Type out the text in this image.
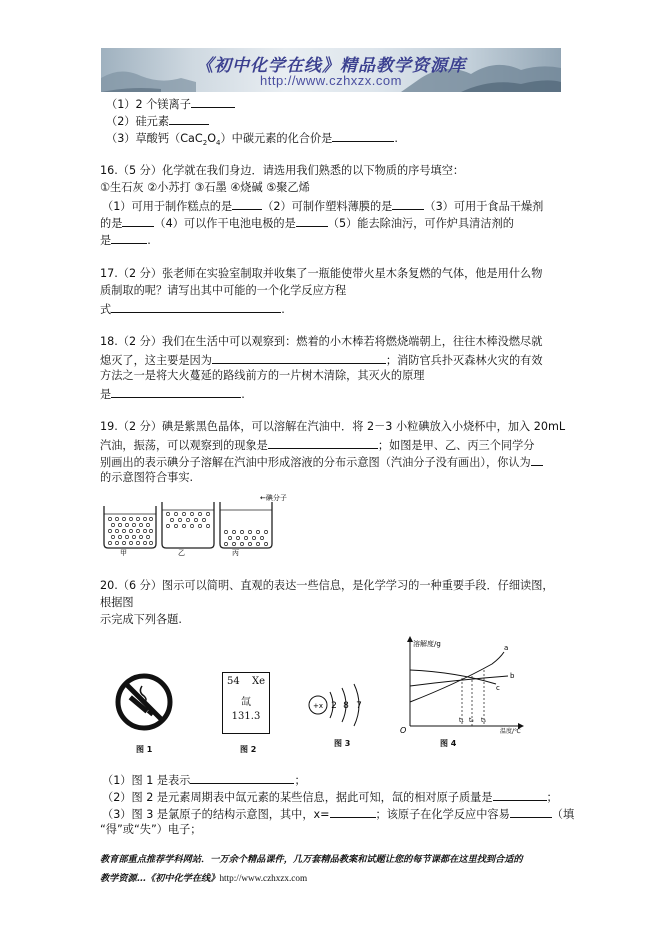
《初中化学在线》精品教学资源库
http://www.czhxzx.com
（1）2 个镁离子
（2）硅元素
（3）草酸钙$(CaC_2O_4)$中碳元素的化合价是	.
16.（5 分）化学就在我们身边．请选用我们熟悉的以下物质的序号填空：
①生石灰 ②小苏打 ③石墨 ④烧碱 ⑤聚乙烯
（1）可用于制作糕点的是	（2）可制作塑料薄膜的是	（3）可用于食品干燥剂
的是	（4）可以作干电池电极的是	（5）能去除油污，可作炉具清洁剂的
是	.
17.（2 分）张老师在实验室制取并收集了一瓶能使带火星木条复燃的气体，他是用什么物
质制取的呢？请写出其中可能的一个化学反应方程
式	.
18.（2 分）我们在生活中可以观察到：燃着的小木棒若将燃烧端朝上，往往木棒没燃尽就
熄灭了，这主要是因为	；消防官兵扑灭森林火灾的有效
方法之一是将大火蔓延的路线前方的一片树木清除，其灭火的原理
是	.
19.（2 分）碘是紫黑色晶体，可以溶解在汽油中．将 2－3 小粒碘放入小烧杯中，加入 20mL
汽油，振荡，可以观察到的现象是	；如图是甲、乙、丙三个同学分
别画出的表示碘分子溶解在汽油中形成溶液的分布示意图（汽油分子没有画出），你认为
的示意图符合事实.
←碘分子
甲	乙	丙
20.（6 分）图示可以简明、直观的表达一些信息，是化学学习的一种重要手段．仔细读图，
根据图
示完成下列各题.
图 1
54 Xe
氙
131.3
图 2
+x 2 8 7
图 3
溶解度/g
温度/℃
O
a
b
c
t₁ t₂ t₃
图 4
（1）图 1 是表示	；
（2）图 2 是元素周期表中氙元素的某些信息，据此可知，氙的相对原子质量是	；
（3）图 3 是氯原子的结构示意图，其中，x=	；该原子在化学反应中容易	（填
“得”或“失”）电子；
教育部重点推荐学科网站．一万余个精品课件，几万套精品教案和试题让您的每节课都在这里找到合适的
教学资源…《初中化学在线》http://www.czhxzx.com
